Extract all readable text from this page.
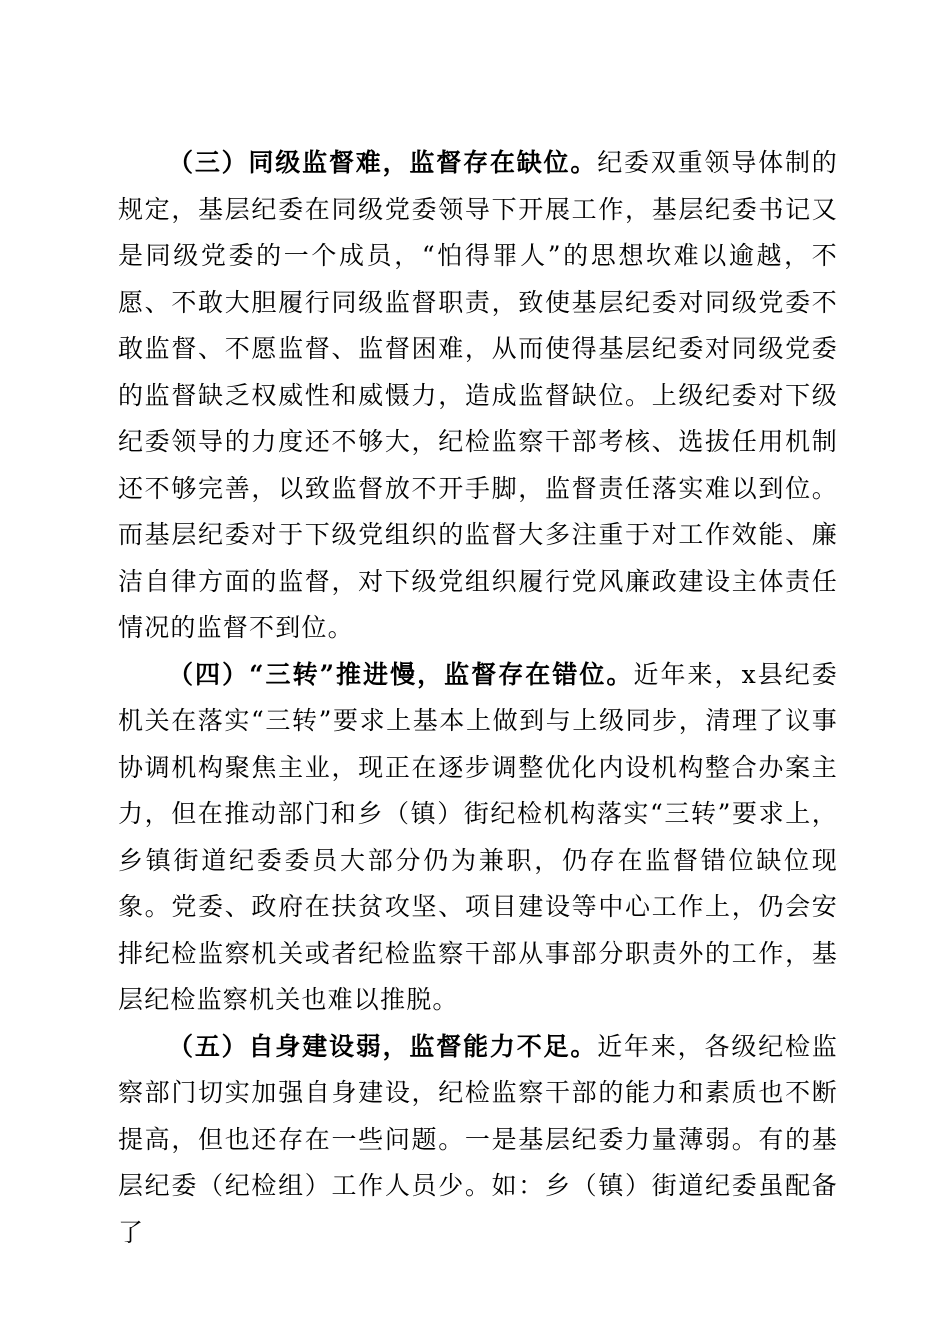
（三）同级监督难，监督存在缺位。纪委双重领导体制的规定，基层纪委在同级党委领导下开展工作，基层纪委书记又是同级党委的一个成员，“怕得罪人”的思想坎难以逾越，不愿、不敢大胆履行同级监督职责，致使基层纪委对同级党委不敢监督、不愿监督、监督困难，从而使得基层纪委对同级党委的监督缺乏权威性和威慑力，造成监督缺位。上级纪委对下级纪委领导的力度还不够大，纪检监察干部考核、选拔任用机制还不够完善，以致监督放不开手脚，监督责任落实难以到位。而基层纪委对于下级党组织的监督大多注重于对工作效能、廉洁自律方面的监督，对下级党组织履行党风廉政建设主体责任情况的监督不到位。

（四）“三转”推进慢，监督存在错位。近年来，x县纪委机关在落实“三转”要求上基本上做到与上级同步，清理了议事协调机构聚焦主业，现正在逐步调整优化内设机构整合办案主力，但在推动部门和乡（镇）街纪检机构落实“三转”要求上，乡镇街道纪委委员大部分仍为兼职，仍存在监督错位缺位现象。党委、政府在扶贫攻坚、项目建设等中心工作上，仍会安排纪检监察机关或者纪检监察干部从事部分职责外的工作，基层纪检监察机关也难以推脱。

（五）自身建设弱，监督能力不足。近年来，各级纪检监察部门切实加强自身建设，纪检监察干部的能力和素质也不断提高，但也还存在一些问题。一是基层纪委力量薄弱。有的基层纪委（纪检组）工作人员少。如：乡（镇）街道纪委虽配备了
